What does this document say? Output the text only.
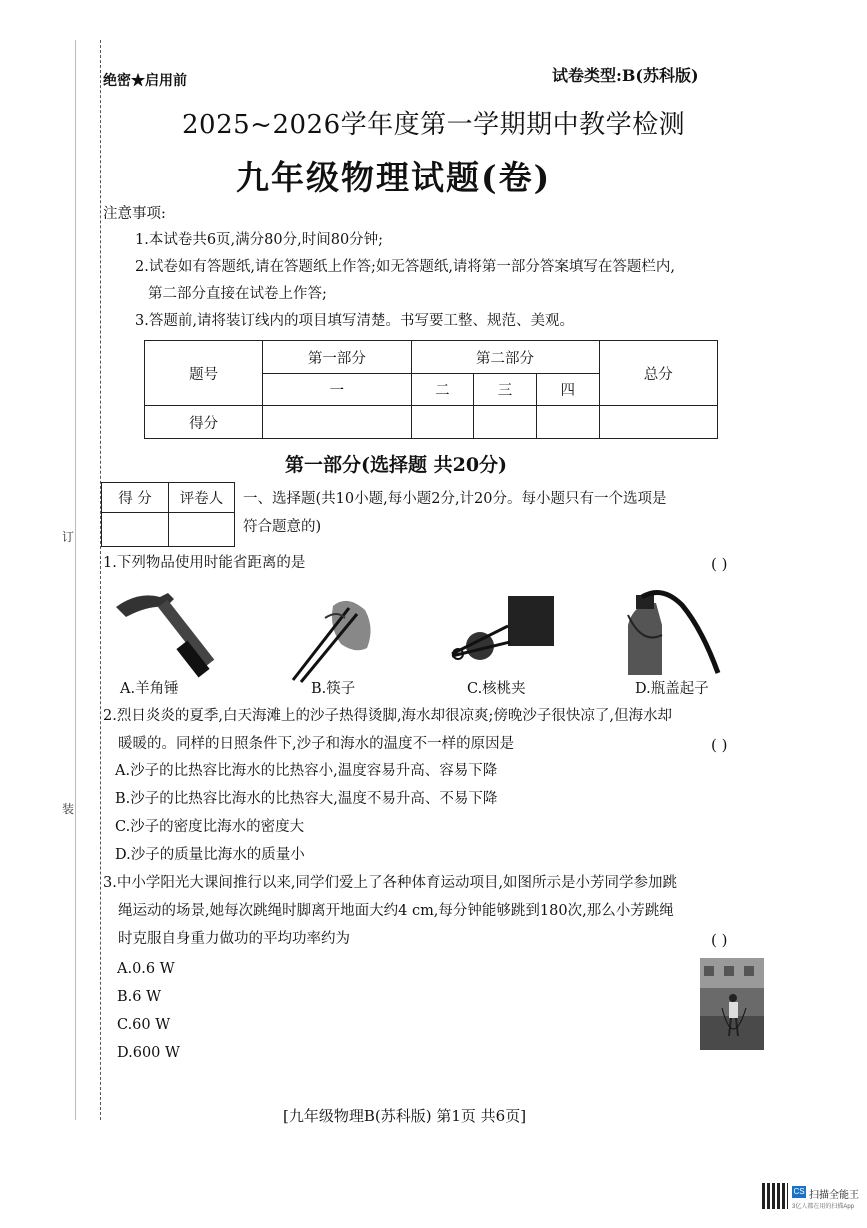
订
装
绝密★启用前	试卷类型:B(苏科版)
2025~2026学年度第一学期期中教学检测
九年级物理试题(卷)
注意事项:
1.本试卷共6页,满分80分,时间80分钟;
2.试卷如有答题纸,请在答题纸上作答;如无答题纸,请将第一部分答案填写在答题栏内,
第二部分直接在试卷上作答;
3.答题前,请将装订线内的项目填写清楚。书写要工整、规范、美观。
题号	第一部分	第二部分			总分
	一	二	三	四	
得分					
第一部分(选择题 共20分)
得 分	评卷人
	一、选择题(共10小题,每小题2分,计20分。每小题只有一个选项是
符合题意的)
1.下列物品使用时能省距离的是	( )
A.羊角锤	B.筷子	C.核桃夹	D.瓶盖起子
2.烈日炎炎的夏季,白天海滩上的沙子热得烫脚,海水却很凉爽;傍晚沙子很快凉了,但海水却
暖暖的。同样的日照条件下,沙子和海水的温度不一样的原因是	( )
A.沙子的比热容比海水的比热容小,温度容易升高、容易下降
B.沙子的比热容比海水的比热容大,温度不易升高、不易下降
C.沙子的密度比海水的密度大
D.沙子的质量比海水的质量小
3.中小学阳光大课间推行以来,同学们爱上了各种体育运动项目,如图所示是小芳同学参加跳
绳运动的场景,她每次跳绳时脚离开地面大约4 cm,每分钟能够跳到180次,那么小芳跳绳
时克服自身重力做功的平均功率约为	( )
A.0.6 W
B.6 W
C.60 W
D.600 W
[九年级物理B(苏科版) 第1页 共6页]
CS 扫描全能王
3亿人都在用的扫描App
